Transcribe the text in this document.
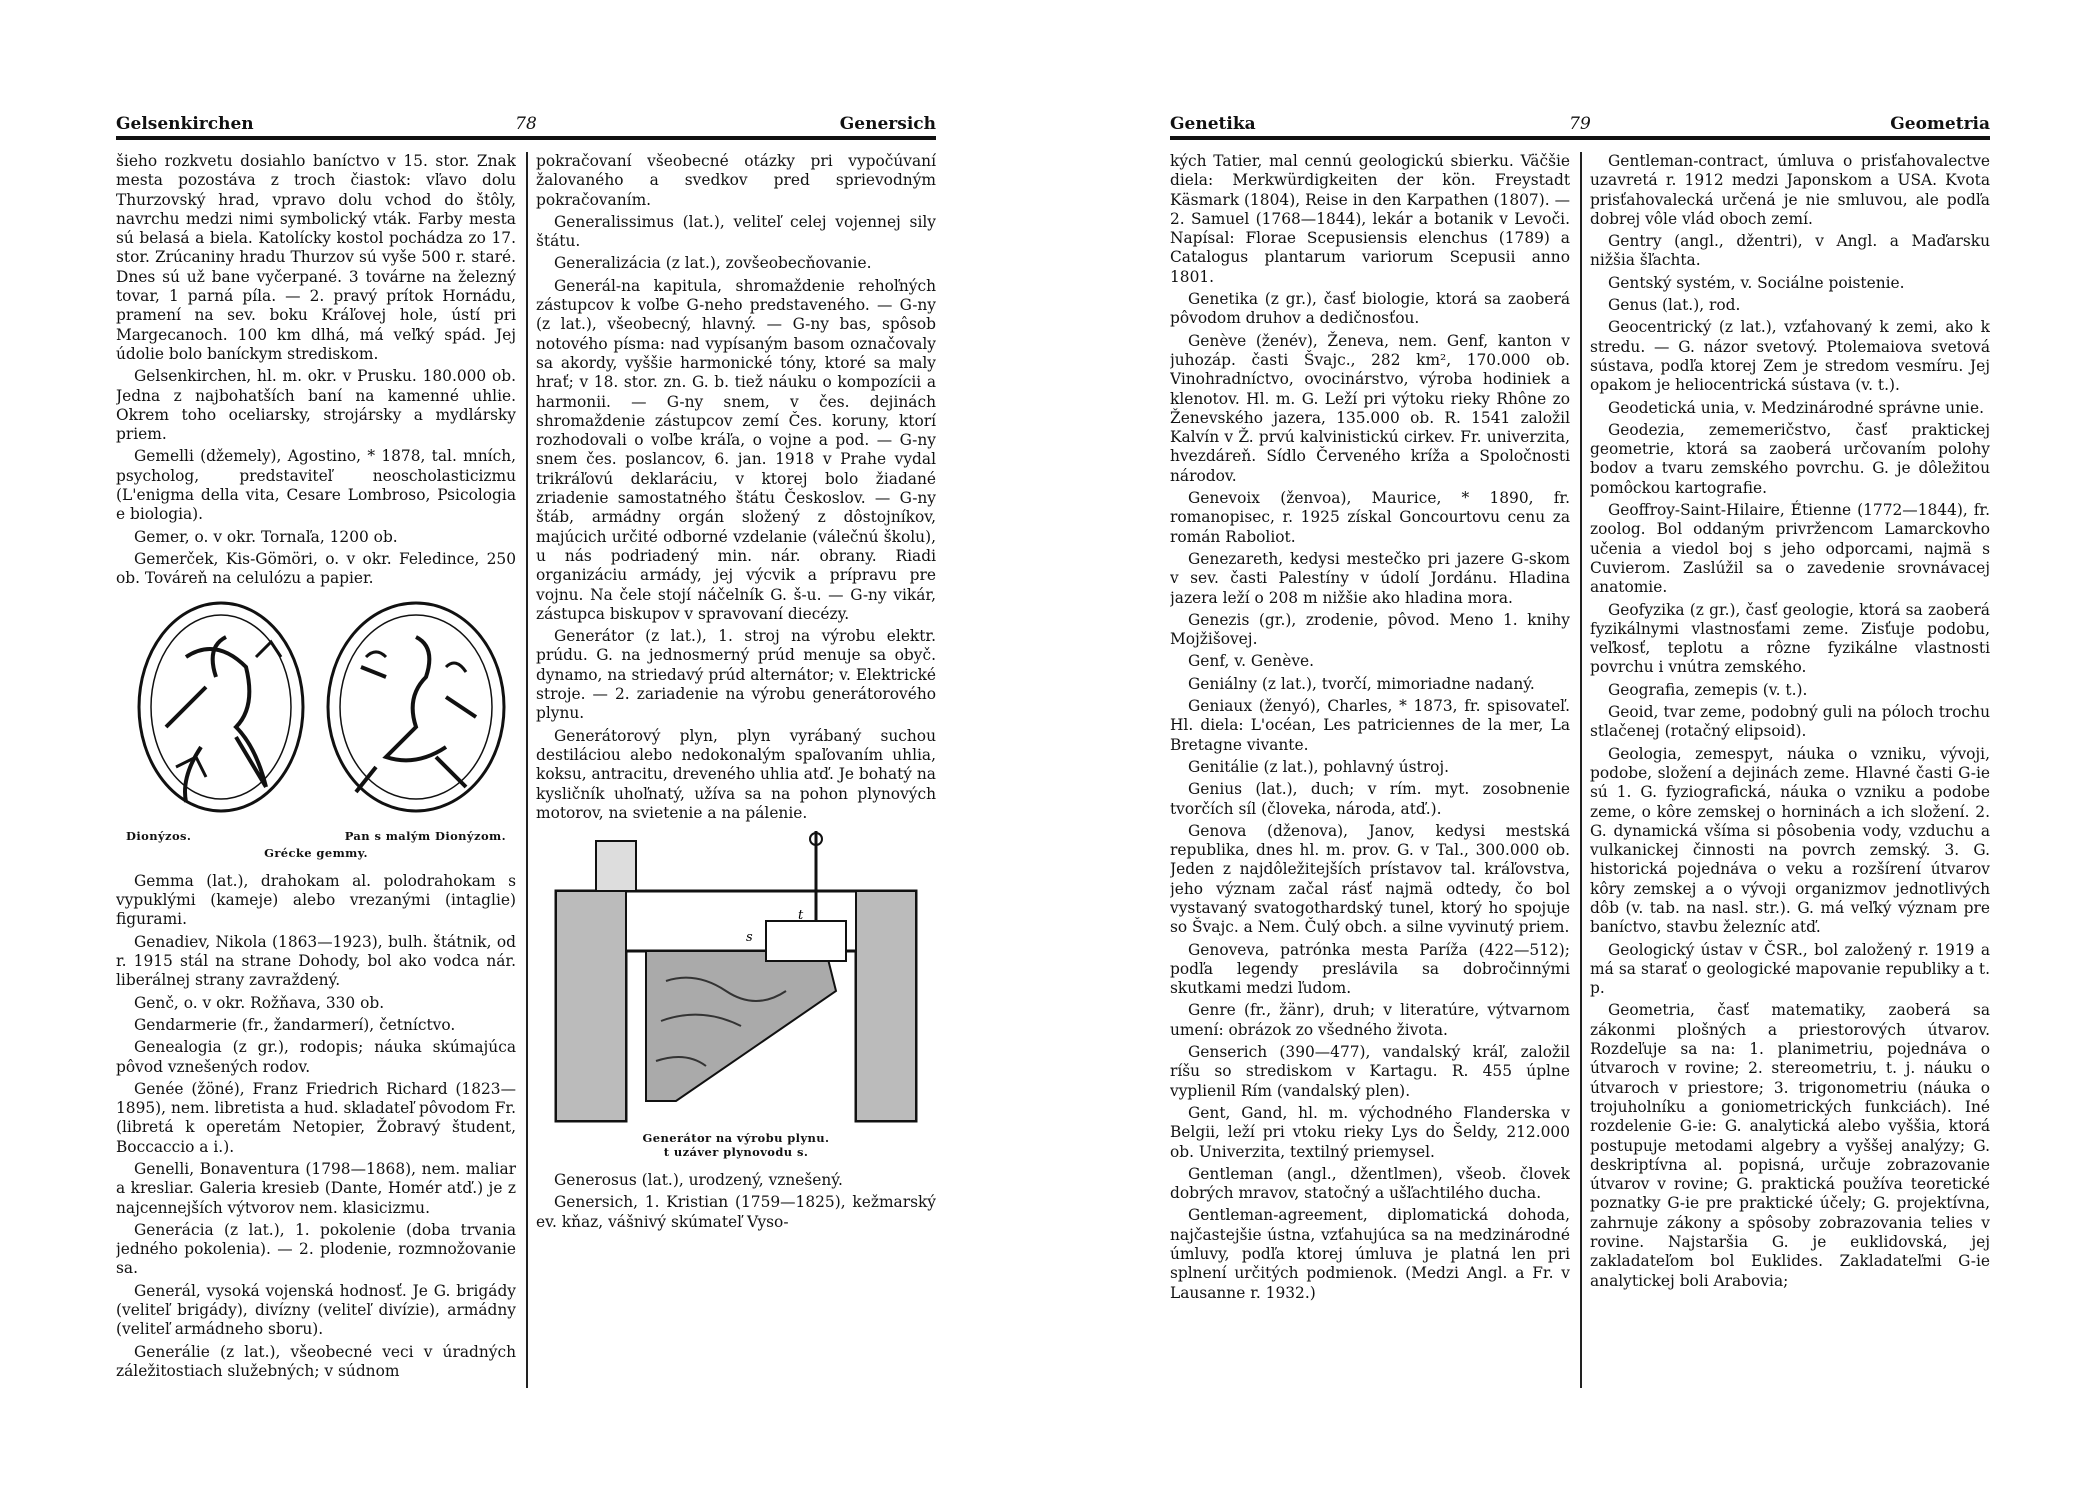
Gelsenkirchen	78	Genersich

šieho rozkvetu dosiahlo baníctvo v 15. stor. Znak mesta pozostáva z troch čiastok: vľavo dolu Thurzovský hrad, vpravo dolu vchod do štôly, navrchu medzi nimi symbolický vták. Farby mesta sú belasá a biela. Katolícky kostol pochádza zo 17. stor. Zrúcaniny hradu Thurzov sú vyše 500 r. staré. Dnes sú už bane vyčerpané. 3 továrne na železný tovar, 1 parná píla. — 2. pravý prítok Hornádu, pramení na sev. boku Kráľovej hole, ústí pri Margecanoch. 100 km dlhá, má veľký spád. Jej údolie bolo baníckym strediskom.

Gelsenkirchen, hl. m. okr. v Prusku. 180.000 ob. Jedna z najbohatších baní na kamenné uhlie. Okrem toho oceliarsky, strojársky a mydlársky priem.

Gemelli (džemely), Agostino, * 1878, tal. mních, psycholog, predstaviteľ neoscholasticizmu (L'enigma della vita, Cesare Lombroso, Psicologia e biologia).

Gemer, o. v okr. Tornaľa, 1200 ob.

Gemerček, Kis-Gömöri, o. v okr. Feledince, 250 ob. Továreň na celulózu a papier.

Dionýzos.	Pan s malým Dionýzom.
Grécke gemmy.

Gemma (lat.), drahokam al. polodrahokam s vypuklými (kameje) alebo vrezanými (intaglie) figurami.

Genadiev, Nikola (1863—1923), bulh. štátnik, od r. 1915 stál na strane Dohody, bol ako vodca nár. liberálnej strany zavraždený.

Genč, o. v okr. Rožňava, 330 ob.

Gendarmerie (fr., žandarmerí), četníctvo.

Genealogia (z gr.), rodopis; náuka skúmajúca pôvod vznešených rodov.

Genée (žöné), Franz Friedrich Richard (1823—1895), nem. libretista a hud. skladateľ pôvodom Fr. (libretá k operetám Netopier, Žobravý študent, Boccaccio a i.).

Genelli, Bonaventura (1798—1868), nem. maliar a kresliar. Galeria kresieb (Dante, Homér atď.) je z najcennejších výtvorov nem. klasicizmu.

Generácia (z lat.), 1. pokolenie (doba trvania jedného pokolenia). — 2. plodenie, rozmnožovanie sa.

Generál, vysoká vojenská hodnosť. Je G. brigády (veliteľ brigády), divízny (veliteľ divízie), armádny (veliteľ armádneho sboru).

Generálie (z lat.), všeobecné veci v úradných záležitostiach služebných; v súdnom

pokračovaní všeobecné otázky pri vypočúvaní žalovaného a svedkov pred sprievodným pokračovaním.

Generalissimus (lat.), veliteľ celej vojennej sily štátu.

Generalizácia (z lat.), zovšeobecňovanie.

Generál-na kapitula, shromaždenie rehoľných zástupcov k voľbe G-neho predstaveného. — G-ny (z lat.), všeobecný, hlavný. — G-ny bas, spôsob notového písma: nad vypísaným basom označovaly sa akordy, vyššie harmonické tóny, ktoré sa maly hrať; v 18. stor. zn. G. b. tiež náuku o kompozícii a harmonii. — G-ny snem, v čes. dejinách shromaždenie zástupcov zemí Čes. koruny, ktorí rozhodovali o voľbe kráľa, o vojne a pod. — G-ny snem čes. poslancov, 6. jan. 1918 v Prahe vydal trikráľovú deklaráciu, v ktorej bolo žiadané zriadenie samostatného štátu Českoslov. — G-ny štáb, armádny orgán složený z dôstojníkov, majúcich určité odborné vzdelanie (válečnú školu), u nás podriadený min. nár. obrany. Riadi organizáciu armády, jej výcvik a prípravu pre vojnu. Na čele stojí náčelník G. š-u. — G-ny vikár, zástupca biskupov v spravovaní diecézy.

Generátor (z lat.), 1. stroj na výrobu elektr. prúdu. G. na jednosmerný prúd menuje sa obyč. dynamo, na striedavý prúd alternátor; v. Elektrické stroje. — 2. zariadenie na výrobu generátorového plynu.

Generátorový plyn, plyn vyrábaný suchou destiláciou alebo nedokonalým spaľovaním uhlia, koksu, antracitu, dreveného uhlia atď. Je bohatý na kysličník uhoľnatý, užíva sa na pohon plynových motorov, na svietenie a na pálenie.

s
t
Generátor na výrobu plynu.
t uzáver plynovodu s.

Generosus (lat.), urodzený, vznešený.

Genersich, 1. Kristian (1759—1825), kežmarský ev. kňaz, vášnivý skúmateľ Vyso-

Genetika	79	Geometria

kých Tatier, mal cennú geologickú sbierku. Väčšie diela: Merkwürdigkeiten der kön. Freystadt Käsmark (1804), Reise in den Karpathen (1807). — 2. Samuel (1768—1844), lekár a botanik v Levoči. Napísal: Florae Scepusiensis elenchus (1789) a Catalogus plantarum variorum Scepusii anno 1801.

Genetika (z gr.), časť biologie, ktorá sa zaoberá pôvodom druhov a dedičnosťou.

Genève (ženév), Ženeva, nem. Genf, kanton v juhozáp. časti Švajc., 282 km², 170.000 ob. Vinohradníctvo, ovocinárstvo, výroba hodiniek a klenotov. Hl. m. G. Leží pri výtoku rieky Rhône zo Ženevského jazera, 135.000 ob. R. 1541 založil Kalvín v Ž. prvú kalvinistickú cirkev. Fr. univerzita, hvezdáreň. Sídlo Červeného kríža a Spoločnosti národov.

Genevoix (ženvoa), Maurice, * 1890, fr. romanopisec, r. 1925 získal Goncourtovu cenu za román Raboliot.

Genezareth, kedysi mestečko pri jazere G-skom v sev. časti Palestíny v údolí Jordánu. Hladina jazera leží o 208 m nižšie ako hladina mora.

Genezis (gr.), zrodenie, pôvod. Meno 1. knihy Mojžišovej.

Genf, v. Genève.

Geniálny (z lat.), tvorčí, mimoriadne nadaný.

Geniaux (ženyó), Charles, * 1873, fr. spisovateľ. Hl. diela: L'océan, Les patriciennes de la mer, La Bretagne vivante.

Genitálie (z lat.), pohlavný ústroj.

Genius (lat.), duch; v rím. myt. zosobnenie tvorčích síl (človeka, národa, atď.).

Genova (dženova), Janov, kedysi mestská republika, dnes hl. m. prov. G. v Tal., 300.000 ob. Jeden z najdôležitejších prístavov tal. kráľovstva, jeho význam začal rásť najmä odtedy, čo bol vystavaný svatogothardský tunel, ktorý ho spojuje so Švajc. a Nem. Čulý obch. a silne vyvinutý priem.

Genoveva, patrónka mesta Paríža (422—512); podľa legendy preslávila sa dobročinnými skutkami medzi ľudom.

Genre (fr., žänr), druh; v literatúre, výtvarnom umení: obrázok zo všedného života.

Genserich (390—477), vandalský kráľ, založil ríšu so strediskom v Kartagu. R. 455 úplne vyplienil Rím (vandalský plen).

Gent, Gand, hl. m. východného Flanderska v Belgii, leží pri vtoku rieky Lys do Šeldy, 212.000 ob. Univerzita, textilný priemysel.

Gentleman (angl., džentlmen), všeob. človek dobrých mravov, statočný a ušľachtilého ducha.

Gentleman-agreement, diplomatická dohoda, najčastejšie ústna, vzťahujúca sa na medzinárodné úmluvy, podľa ktorej úmluva je platná len pri splnení určitých podmienok. (Medzi Angl. a Fr. v Lausanne r. 1932.)

Gentleman-contract, úmluva o prisťahovalectve uzavretá r. 1912 medzi Japonskom a USA. Kvota prisťahovalecká určená je nie smluvou, ale podľa dobrej vôle vlád oboch zemí.

Gentry (angl., džentri), v Angl. a Maďarsku nižšia šľachta.

Gentský systém, v. Sociálne poistenie.

Genus (lat.), rod.

Geocentrický (z lat.), vzťahovaný k zemi, ako k stredu. — G. názor svetový. Ptolemaiova svetová sústava, podľa ktorej Zem je stredom vesmíru. Jej opakom je heliocentrická sústava (v. t.).

Geodetická unia, v. Medzinárodné správne unie.

Geodezia, zememeričstvo, časť praktickej geometrie, ktorá sa zaoberá určovaním polohy bodov a tvaru zemského povrchu. G. je dôležitou pomôckou kartografie.

Geoffroy-Saint-Hilaire, Étienne (1772—1844), fr. zoolog. Bol oddaným privržencom Lamarckovho učenia a viedol boj s jeho odporcami, najmä s Cuvierom. Zaslúžil sa o zavedenie srovnávacej anatomie.

Geofyzika (z gr.), časť geologie, ktorá sa zaoberá fyzikálnymi vlastnosťami zeme. Zisťuje podobu, veľkosť, teplotu a rôzne fyzikálne vlastnosti povrchu i vnútra zemského.

Geografia, zemepis (v. t.).

Geoid, tvar zeme, podobný guli na póloch trochu stlačenej (rotačný elipsoid).

Geologia, zemespyt, náuka o vzniku, vývoji, podobe, složení a dejinách zeme. Hlavné časti G-ie sú 1. G. fyziografická, náuka o vzniku a podobe zeme, o kôre zemskej o horninách a ich složení. 2. G. dynamická všíma si pôsobenia vody, vzduchu a vulkanickej činnosti na povrch zemský. 3. G. historická pojednáva o veku a rozšírení útvarov kôry zemskej a o vývoji organizmov jednotlivých dôb (v. tab. na nasl. str.). G. má veľký význam pre baníctvo, stavbu železníc atď.

Geologický ústav v ČSR., bol založený r. 1919 a má sa starať o geologické mapovanie republiky a t. p.

Geometria, časť matematiky, zaoberá sa zákonmi plošných a priestorových útvarov. Rozdeľuje sa na: 1. planimetriu, pojednáva o útvaroch v rovine; 2. stereometriu, t. j. náuku o útvaroch v priestore; 3. trigonometriu (náuka o trojuholníku a goniometrických funkciách). Iné rozdelenie G-ie: G. analytická alebo vyššia, ktorá postupuje metodami algebry a vyššej analýzy; G. deskriptívna al. popisná, určuje zobrazovanie útvarov v rovine; G. praktická používa teoretické poznatky G-ie pre praktické účely; G. projektívna, zahrnuje zákony a spôsoby zobrazovania telies v rovine. Najstaršia G. je euklidovská, jej zakladateľom bol Euklides. Zakladateľmi G-ie analytickej boli Arabovia;
